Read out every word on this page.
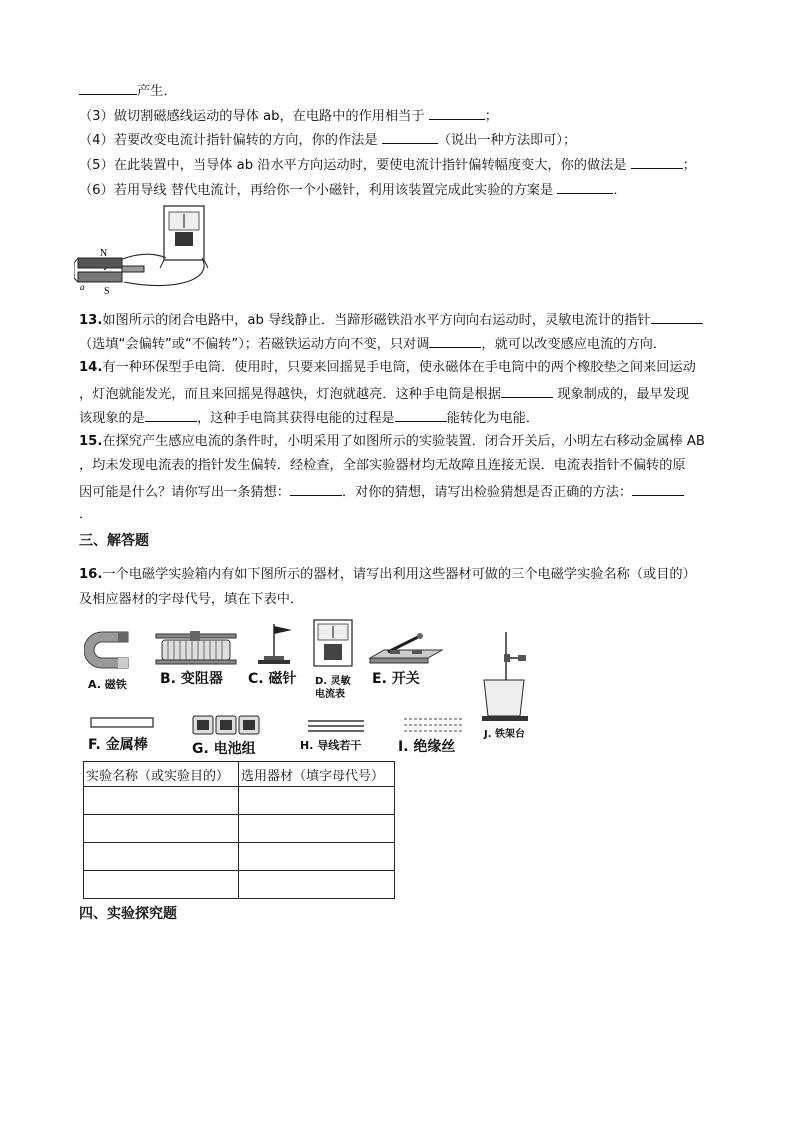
产生．
（3）做切割磁感线运动的导体 ab，在电路中的作用相当于	；
（4）若要改变电流计指针偏转的方向，你的作法是	（说出一种方法即可）；
（5）在此装置中，当导体 ab 沿水平方向运动时，要使电流计指针偏转幅度变大，你的做法是	；
（6）若用导线 替代电流计，再给你一个小磁针，利用该装置完成此实验的方案是	．
N
S
a
13.如图所示的闭合电路中，ab 导线静止．当蹄形磁铁沿水平方向向右运动时，灵敏电流计的指针
（选填“会偏转”或“不偏转”）；若磁铁运动方向不变，只对调	，就可以改变感应电流的方向．
14.有一种环保型手电筒．使用时，只要来回摇晃手电筒，使永磁体在手电筒中的两个橡胶垫之间来回运动
，灯泡就能发光，而且来回摇晃得越快，灯泡就越亮．这种手电筒是根据	现象制成的，最早发现
该现象的是	，这种手电筒其获得电能的过程是	能转化为电能．
15.在探究产生感应电流的条件时，小明采用了如图所示的实验装置．闭合开关后，小明左右移动金属棒 AB
，均未发现电流表的指针发生偏转．经检查，全部实验器材均无故障且连接无误．电流表指针不偏转的原
因可能是什么？请你写出一条猜想：	．对你的猜想，请写出检验猜想是否正确的方法：
．
三、解答题
16.一个电磁学实验箱内有如下图所示的器材，请写出利用这些器材可做的三个电磁学实验名称（或目的）
及相应器材的字母代号，填在下表中．
A. 磁铁 B. 变阻器 C. 磁针 D. 灵敏
电流表
E. 开关
J. 铁架台
F. 金属棒	G. 电池组	H. 导线若干	I. 绝缘丝
实验名称（或实验目的）	选用器材（填字母代号）

四、实验探究题
